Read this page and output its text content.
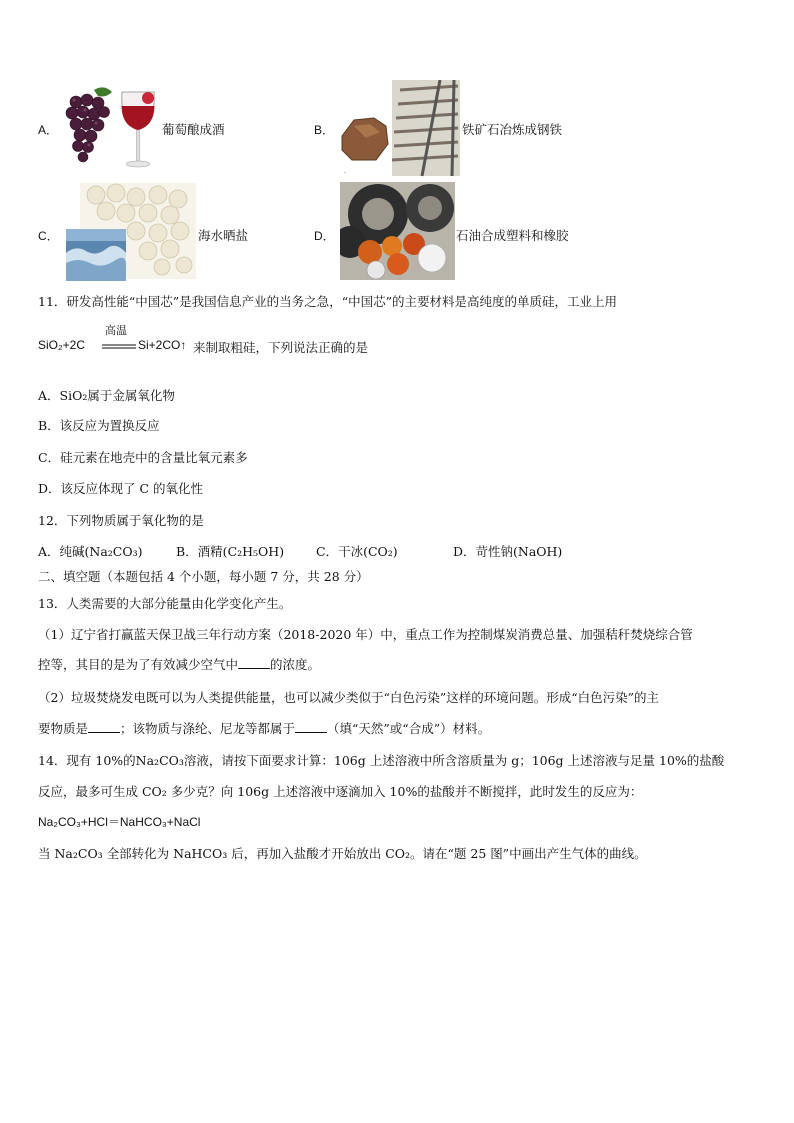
A．	葡萄酿成酒	B．
-
铁矿石冶炼成钢铁
C．	海水晒盐	D．	石油合成塑料和橡胶
11．研发高性能“中国芯”是我国信息产业的当务之急，“中国芯”的主要材料是高纯度的单质硅，工业上用
SiO₂+2C
高温
Si+2CO↑ 来制取粗硅，下列说法正确的是
A．SiO₂属于金属氧化物
B．该反应为置换反应
C．硅元素在地壳中的含量比氧元素多
D．该反应体现了 C 的氧化性
12．下列物质属于氧化物的是
A．纯碱(Na₂CO₃)	B．酒精(C₂H₅OH)	C．干冰(CO₂)	D．苛性钠(NaOH)
二、填空题（本题包括 4 个小题，每小题 7 分，共 28 分）
13．人类需要的大部分能量由化学变化产生。
（1）辽宁省打赢蓝天保卫战三年行动方案（2018-2020 年）中，重点工作为控制煤炭消费总量、加强秸秆焚烧综合管
控等，其目的是为了有效减少空气中	的浓度。
（2）垃圾焚烧发电既可以为人类提供能量，也可以减少类似于“白色污染”这样的环境问题。形成“白色污染”的主
要物质是	；该物质与涤纶、尼龙等都属于	（填“天然”或“合成”）材料。
14．现有 10%的Na₂CO₃溶液，请按下面要求计算：106g 上述溶液中所含溶质量为 g；106g 上述溶液与足量 10%的盐酸
反应，最多可生成 CO₂ 多少克？向 106g 上述溶液中逐滴加入 10%的盐酸并不断搅拌，此时发生的反应为：
Na₂CO₃+HCl＝NaHCO₃+NaCl
当 Na₂CO₃ 全部转化为 NaHCO₃ 后，再加入盐酸才开始放出 CO₂。请在“题 25 图”中画出产生气体的曲线。
